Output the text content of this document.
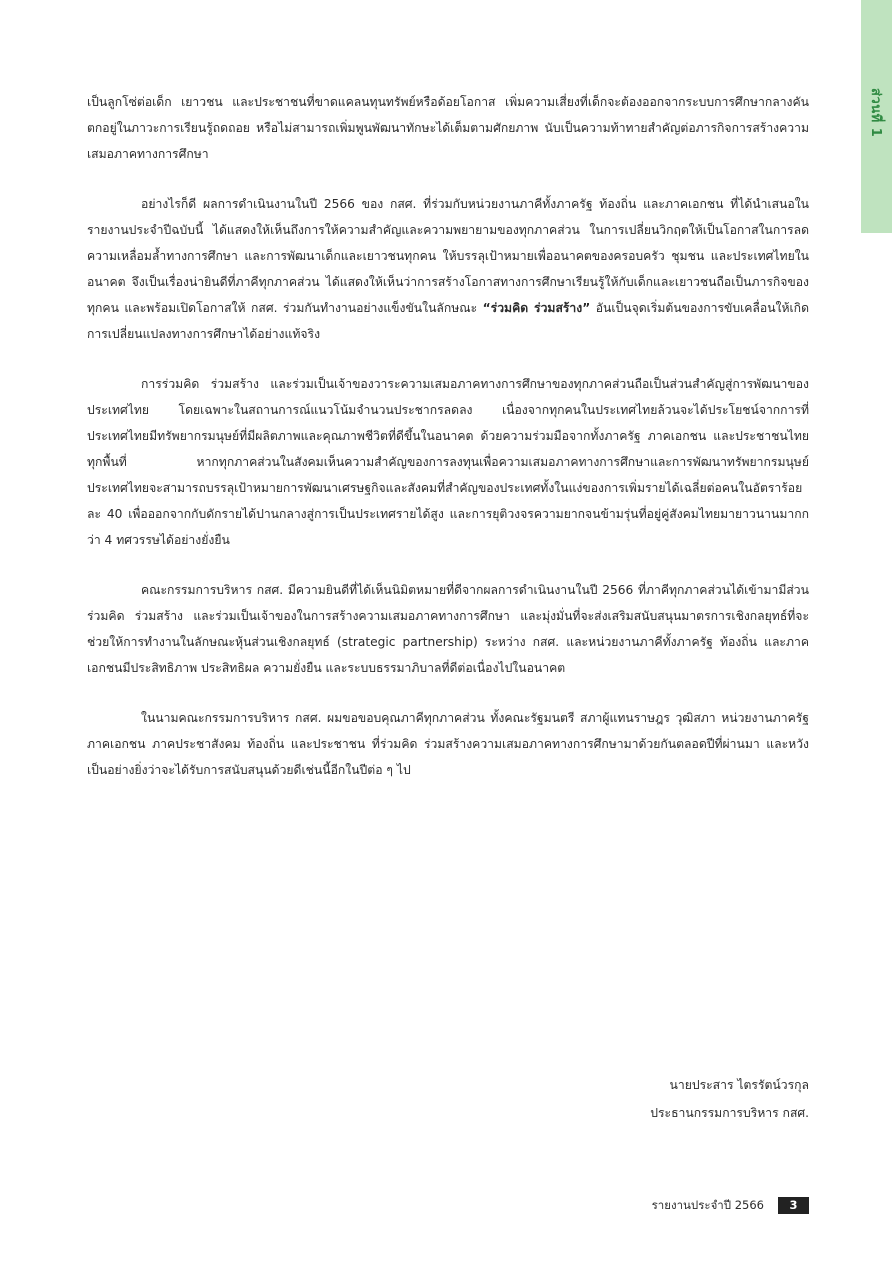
ส่วนที่ 1

เป็นลูกโซ่ต่อเด็ก เยาวชน และประชาชนที่ขาดแคลนทุนทรัพย์หรือด้อยโอกาส เพิ่มความเสี่ยงที่เด็กจะต้องออกจากระบบการศึกษากลางคัน ตกอยู่ในภาวะการเรียนรู้ถดถอย หรือไม่สามารถเพิ่มพูนพัฒนาทักษะได้เต็มตามศักยภาพ นับเป็นความท้าทายสำคัญต่อภารกิจการสร้างความเสมอภาคทางการศึกษา

อย่างไรก็ดี ผลการดำเนินงานในปี 2566 ของ กสศ. ที่ร่วมกับหน่วยงานภาคีทั้งภาครัฐ ท้องถิ่น และภาคเอกชน ที่ได้นำเสนอในรายงานประจำปีฉบับนี้ ได้แสดงให้เห็นถึงการให้ความสำคัญและความพยายามของทุกภาคส่วน ในการเปลี่ยนวิกฤตให้เป็นโอกาสในการลดความเหลื่อมล้ำทางการศึกษา และการพัฒนาเด็กและเยาวชนทุกคน ให้บรรลุเป้าหมายเพื่ออนาคตของครอบครัว ชุมชน และประเทศไทยในอนาคต จึงเป็นเรื่องน่ายินดีที่ภาคีทุกภาคส่วน ได้แสดงให้เห็นว่าการสร้างโอกาสทางการศึกษาเรียนรู้ให้กับเด็กและเยาวชนถือเป็นภารกิจของทุกคน และพร้อมเปิดโอกาสให้ กสศ. ร่วมกันทำงานอย่างแข็งขันในลักษณะ “ร่วมคิด ร่วมสร้าง” อันเป็นจุดเริ่มต้นของการขับเคลื่อนให้เกิดการเปลี่ยนแปลงทางการศึกษาได้อย่างแท้จริง

การร่วมคิด ร่วมสร้าง และร่วมเป็นเจ้าของวาระความเสมอภาคทางการศึกษาของทุกภาคส่วนถือเป็นส่วนสำคัญสู่การพัฒนาของประเทศไทย โดยเฉพาะในสถานการณ์แนวโน้มจำนวนประชากรลดลง เนื่องจากทุกคนในประเทศไทยล้วนจะได้ประโยชน์จากการที่ประเทศไทยมีทรัพยากรมนุษย์ที่มีผลิตภาพและคุณภาพชีวิตที่ดีขึ้นในอนาคต ด้วยความร่วมมือจากทั้งภาครัฐ ภาคเอกชน และประชาชนไทยทุกพื้นที่ หากทุกภาคส่วนในสังคมเห็นความสำคัญของการลงทุนเพื่อความเสมอภาคทางการศึกษาและการพัฒนาทรัพยากรมนุษย์ ประเทศไทยจะสามารถบรรลุเป้าหมายการพัฒนาเศรษฐกิจและสังคมที่สำคัญของประเทศทั้งในแง่ของการเพิ่มรายได้เฉลี่ยต่อคนในอัตราร้อยละ 40 เพื่อออกจากกับดักรายได้ปานกลางสู่การเป็นประเทศรายได้สูง และการยุติวงจรความยากจนข้ามรุ่นที่อยู่คู่สังคมไทยมายาวนานมากกว่า 4 ทศวรรษได้อย่างยั่งยืน

คณะกรรมการบริหาร กสศ. มีความยินดีที่ได้เห็นนิมิตหมายที่ดีจากผลการดำเนินงานในปี 2566 ที่ภาคีทุกภาคส่วนได้เข้ามามีส่วนร่วมคิด ร่วมสร้าง และร่วมเป็นเจ้าของในการสร้างความเสมอภาคทางการศึกษา และมุ่งมั่นที่จะส่งเสริมสนับสนุนมาตรการเชิงกลยุทธ์ที่จะช่วยให้การทำงานในลักษณะหุ้นส่วนเชิงกลยุทธ์ (strategic partnership) ระหว่าง กสศ. และหน่วยงานภาคีทั้งภาครัฐ ท้องถิ่น และภาคเอกชนมีประสิทธิภาพ ประสิทธิผล ความยั่งยืน และระบบธรรมาภิบาลที่ดีต่อเนื่องไปในอนาคต

ในนามคณะกรรมการบริหาร กสศ. ผมขอขอบคุณภาคีทุกภาคส่วน ทั้งคณะรัฐมนตรี สภาผู้แทนราษฎร วุฒิสภา หน่วยงานภาครัฐ ภาคเอกชน ภาคประชาสังคม ท้องถิ่น และประชาชน ที่ร่วมคิด ร่วมสร้างความเสมอภาคทางการศึกษามาด้วยกันตลอดปีที่ผ่านมา และหวังเป็นอย่างยิ่งว่าจะได้รับการสนับสนุนด้วยดีเช่นนี้อีกในปีต่อ ๆ ไป

นายประสาร ไตรรัตน์วรกุล
ประธานกรรมการบริหาร กสศ.
รายงานประจำปี 2566	3
